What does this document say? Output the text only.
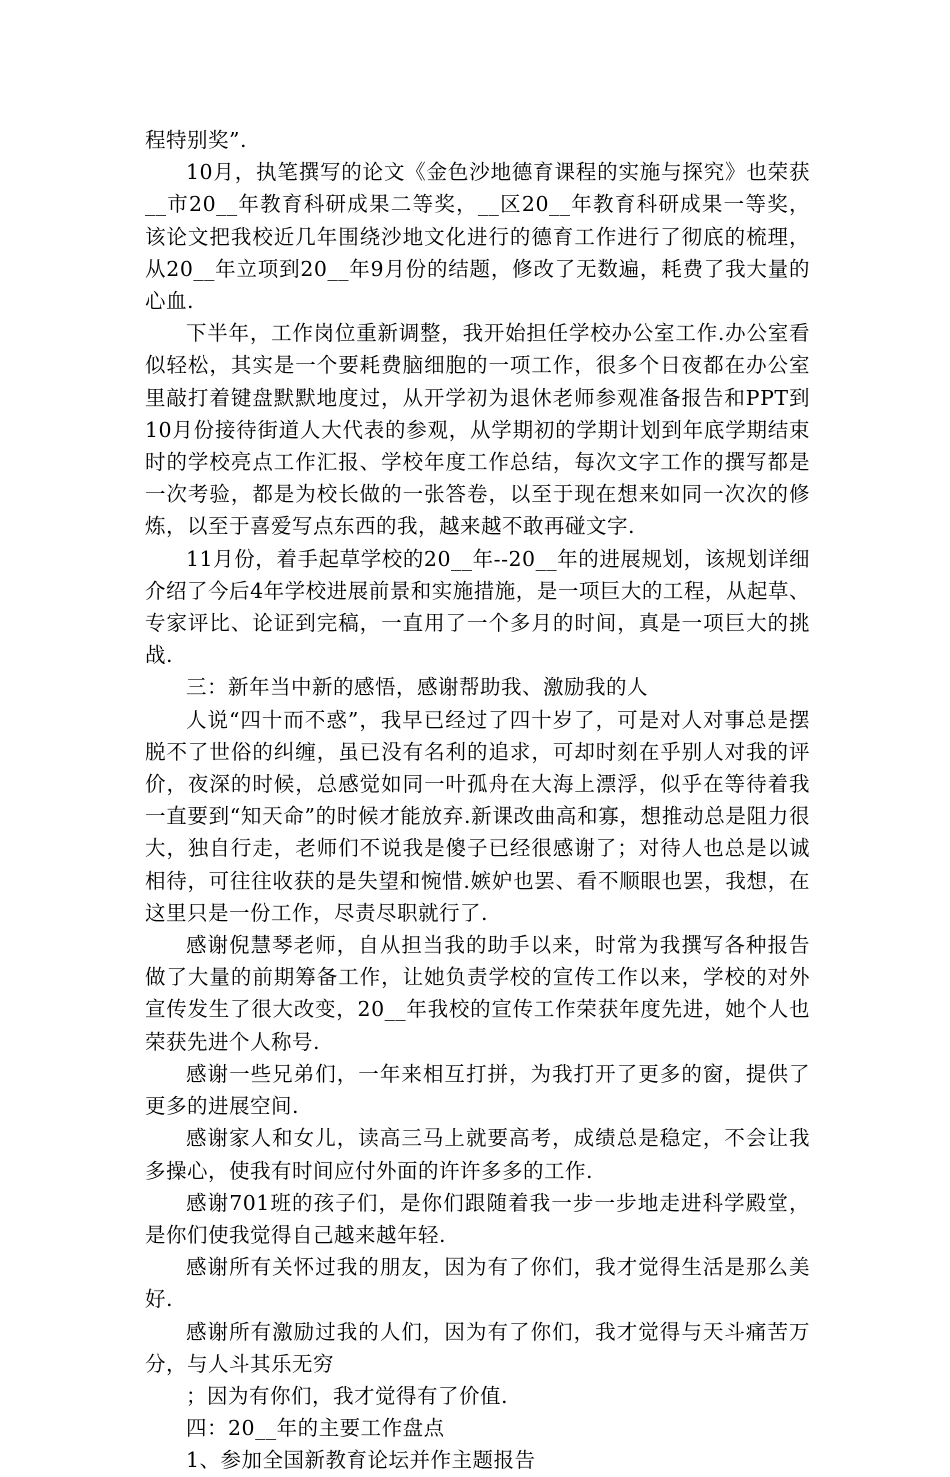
程特别奖”.

10月，执笔撰写的论文《金色沙地德育课程的实施与探究》也荣获__市20__年教育科研成果二等奖，__区20__年教育科研成果一等奖，该论文把我校近几年围绕沙地文化进行的德育工作进行了彻底的梳理，从20__年立项到20__年9月份的结题，修改了无数遍，耗费了我大量的心血.

下半年，工作岗位重新调整，我开始担任学校办公室工作.办公室看似轻松，其实是一个要耗费脑细胞的一项工作，很多个日夜都在办公室里敲打着键盘默默地度过，从开学初为退休老师参观准备报告和PPT到10月份接待街道人大代表的参观，从学期初的学期计划到年底学期结束时的学校亮点工作汇报、学校年度工作总结，每次文字工作的撰写都是一次考验，都是为校长做的一张答卷，以至于现在想来如同一次次的修炼，以至于喜爱写点东西的我，越来越不敢再碰文字.

11月份，着手起草学校的20__年--20__年的进展规划，该规划详细介绍了今后4年学校进展前景和实施措施，是一项巨大的工程，从起草、专家评比、论证到完稿，一直用了一个多月的时间，真是一项巨大的挑战.

三：新年当中新的感悟，感谢帮助我、激励我的人

人说“四十而不惑”，我早已经过了四十岁了，可是对人对事总是摆脱不了世俗的纠缠，虽已没有名利的追求，可却时刻在乎别人对我的评价，夜深的时候，总感觉如同一叶孤舟在大海上漂浮，似乎在等待着我一直要到“知天命”的时候才能放弃.新课改曲高和寡，想推动总是阻力很大，独自行走，老师们不说我是傻子已经很感谢了；对待人也总是以诚相待，可往往收获的是失望和惋惜.嫉妒也罢、看不顺眼也罢，我想，在这里只是一份工作，尽责尽职就行了.

感谢倪慧琴老师，自从担当我的助手以来，时常为我撰写各种报告做了大量的前期筹备工作，让她负责学校的宣传工作以来，学校的对外宣传发生了很大改变，20__年我校的宣传工作荣获年度先进，她个人也荣获先进个人称号.

感谢一些兄弟们，一年来相互打拼，为我打开了更多的窗，提供了更多的进展空间.

感谢家人和女儿，读高三马上就要高考，成绩总是稳定，不会让我多操心，使我有时间应付外面的许许多多的工作.

感谢701班的孩子们，是你们跟随着我一步一步地走进科学殿堂，是你们使我觉得自己越来越年轻.

感谢所有关怀过我的朋友，因为有了你们，我才觉得生活是那么美好.

感谢所有激励过我的人们，因为有了你们，我才觉得与天斗痛苦万分，与人斗其乐无穷

；因为有你们，我才觉得有了价值.

四：20__年的主要工作盘点

1、参加全国新教育论坛并作主题报告
